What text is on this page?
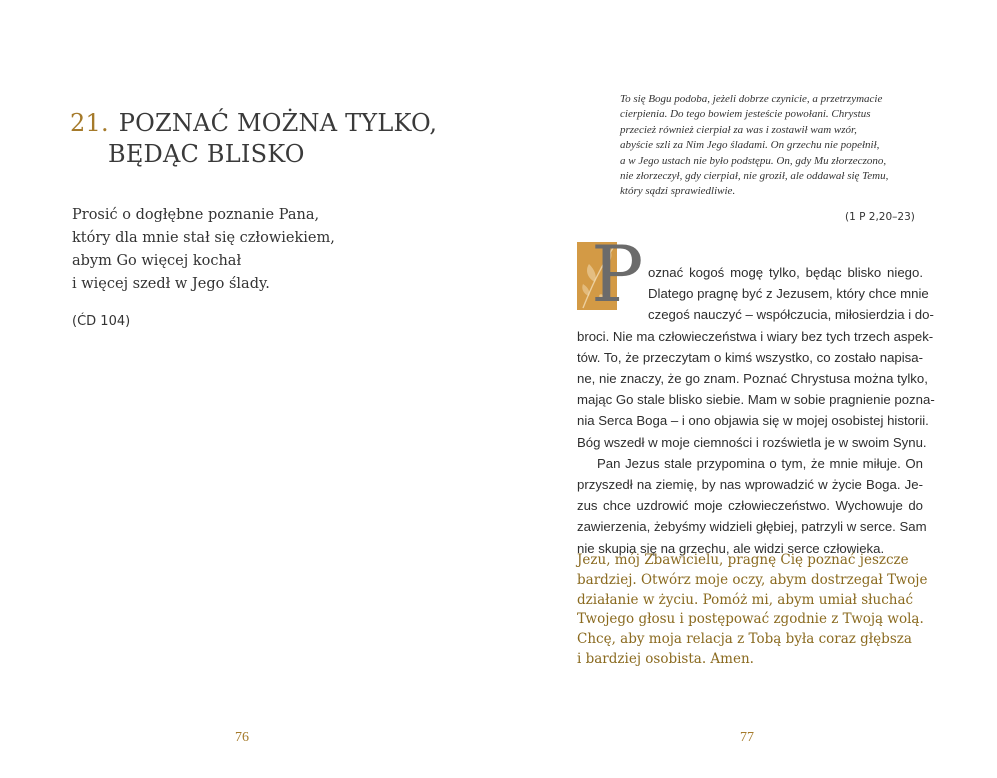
21. POZNAĆ MOŻNA TYLKO,
BĘDĄC BLISKO
Prosić o dogłębne poznanie Pana,
który dla mnie stał się człowiekiem,
abym Go więcej kochał
i więcej szedł w Jego ślady.
(ĆD 104)
76
To się Bogu podoba, jeżeli dobrze czynicie, a przetrzymacie
cierpienia. Do tego bowiem jesteście powołani. Chrystus
przecież również cierpiał za was i zostawił wam wzór,
abyście szli za Nim Jego śladami. On grzechu nie popełnił,
a w Jego ustach nie było podstępu. On, gdy Mu złorzeczono,
nie złorzeczył, gdy cierpiał, nie groził, ale oddawał się Temu,
który sądzi sprawiedliwie.
(1 P 2,20–23)
P oznać kogoś mogę tylko, będąc blisko niego.
Dlatego pragnę być z Jezusem, który chce mnie
czegoś nauczyć – współczucia, miłosierdzia i do-
broci. Nie ma człowieczeństwa i wiary bez tych trzech aspek-
tów. To, że przeczytam o kimś wszystko, co zostało napisa-
ne, nie znaczy, że go znam. Poznać Chrystusa można tylko,
mając Go stale blisko siebie. Mam w sobie pragnienie pozna-
nia Serca Boga – i ono objawia się w mojej osobistej historii.
Bóg wszedł w moje ciemności i rozświetla je w swoim Synu.
Pan Jezus stale przypomina o tym, że mnie miłuje. On
przyszedł na ziemię, by nas wprowadzić w życie Boga. Je-
zus chce uzdrowić moje człowieczeństwo. Wychowuje do
zawierzenia, żebyśmy widzieli głębiej, patrzyli w serce. Sam
nie skupia się na grzechu, ale widzi serce człowieka.
Jezu, mój Zbawicielu, pragnę Cię poznać jeszcze
bardziej. Otwórz moje oczy, abym dostrzegał Twoje
działanie w życiu. Pomóż mi, abym umiał słuchać
Twojego głosu i postępować zgodnie z Twoją wolą.
Chcę, aby moja relacja z Tobą była coraz głębsza
i bardziej osobista. Amen.
77
